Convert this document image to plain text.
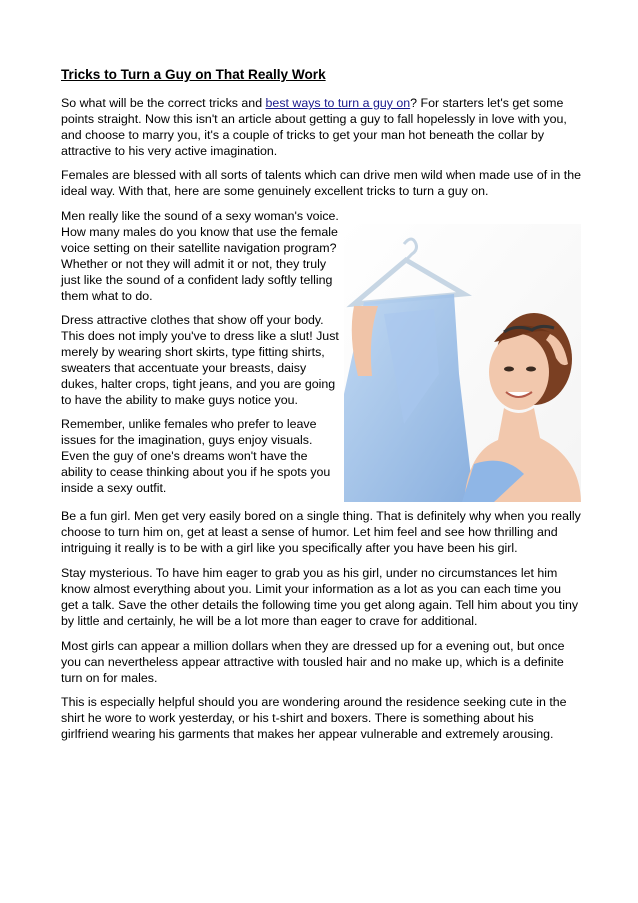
Tricks to Turn a Guy on That Really Work

So what will be the correct tricks and best ways to turn a guy on? For starters let's get some points straight. Now this isn't an article about getting a guy to fall hopelessly in love with you, and choose to marry you, it's a couple of tricks to get your man hot beneath the collar by attractive to his very active imagination.

Females are blessed with all sorts of talents which can drive men wild when made use of in the ideal way. With that, here are some genuinely excellent tricks to turn a guy on.

Men really like the sound of a sexy woman's voice. How many males do you know that use the female voice setting on their satellite navigation program? Whether or not they will admit it or not, they truly just like the sound of a confident lady softly telling them what to do.

Dress attractive clothes that show off your body. This does not imply you've to dress like a slut! Just merely by wearing short skirts, type fitting shirts, sweaters that accentuate your breasts, daisy dukes, halter crops, tight jeans, and you are going to have the ability to make guys notice you.

Remember, unlike females who prefer to leave issues for the imagination, guys enjoy visuals. Even the guy of one's dreams won't have the ability to cease thinking about you if he spots you inside a sexy outfit.

Be a fun girl. Men get very easily bored on a single thing. That is definitely why when you really choose to turn him on, get at least a sense of humor. Let him feel and see how thrilling and intriguing it really is to be with a girl like you specifically after you have been his girl.

Stay mysterious. To have him eager to grab you as his girl, under no circumstances let him know almost everything about you. Limit your information as a lot as you can each time you get a talk. Save the other details the following time you get along again. Tell him about you tiny by little and certainly, he will be a lot more than eager to crave for additional.

Most girls can appear a million dollars when they are dressed up for a evening out, but once you can nevertheless appear attractive with tousled hair and no make up, which is a definite turn on for males.

This is especially helpful should you are wondering around the residence seeking cute in the shirt he wore to work yesterday, or his t-shirt and boxers. There is something about his girlfriend wearing his garments that makes her appear vulnerable and extremely arousing.
